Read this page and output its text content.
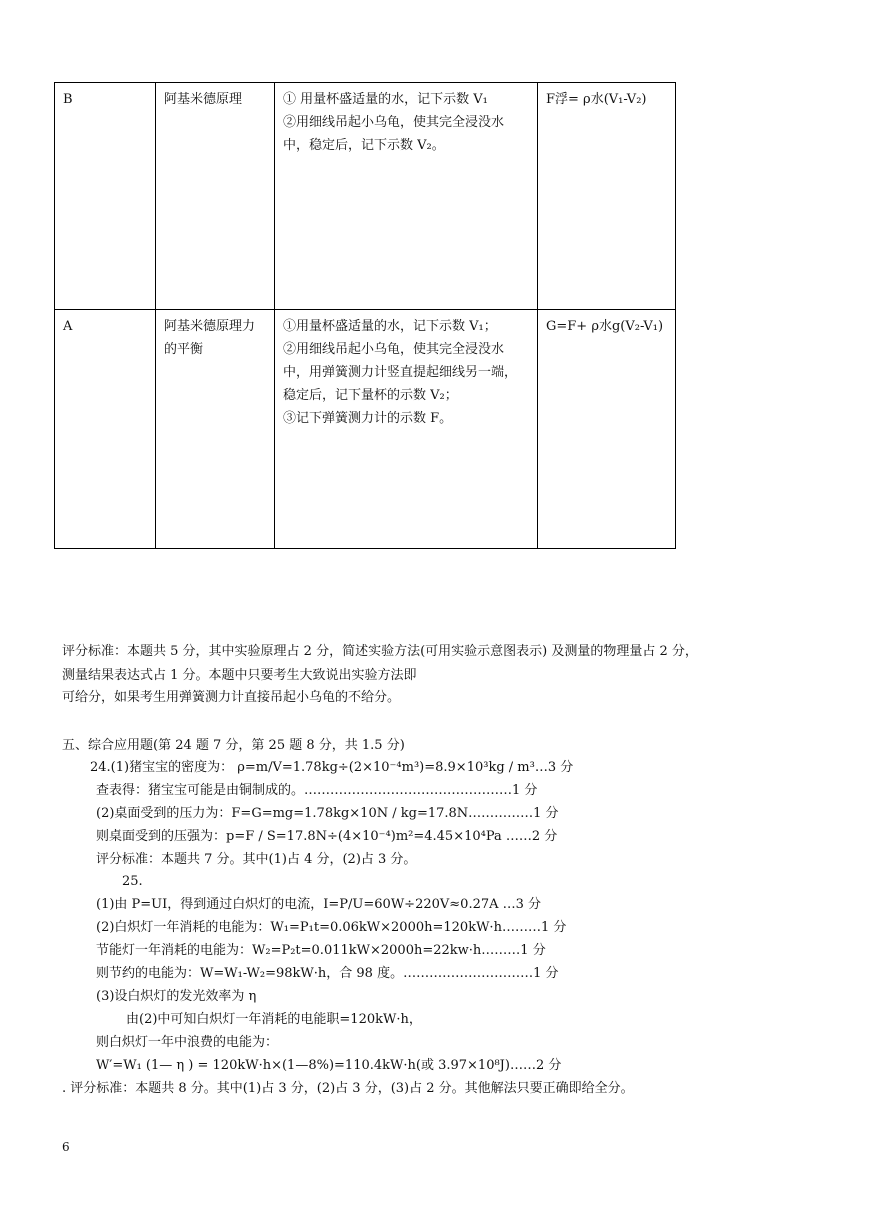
B	阿基米德原理	① 用量杯盛适量的水，记下示数 V₁
②用细线吊起小乌龟，使其完全浸没水中，稳定后，记下示数 V₂。	F浮= ρ水(V₁-V₂)
A	阿基米德原理力的平衡	①用量杯盛适量的水，记下示数 V₁；
②用细线吊起小乌龟，使其完全浸没水中，用弹簧测力计竖直提起细线另一端，稳定后，记下量杯的示数 V₂；
③记下弹簧测力计的示数 F。	G=F+ ρ水g(V₂-V₁)
评分标准：本题共 5 分，其中实验原理占 2 分，简述实验方法(可用实验示意图表示) 及测量的物理量占 2 分，
测量结果表达式占 1 分。本题中只要考生大致说出实验方法即
可给分，如果考生用弹簧测力计直接吊起小乌龟的不给分。
五、综合应用题(第 24 题 7 分，第 25 题 8 分，共 1.5 分)
24.(1)猪宝宝的密度为： ρ=m/V=1.78kg÷(2×10⁻⁴m³)=8.9×10³kg / m³…3 分
查表得：猪宝宝可能是由铜制成的。…………………………………………1 分
(2)桌面受到的压力为：F=G=mg=1.78kg×10N / kg=17.8N……………1 分
则桌面受到的压强为：p=F / S=17.8N÷(4×10⁻⁴)m²=4.45×10⁴Pa ……2 分
评分标准：本题共 7 分。其中(1)占 4 分，(2)占 3 分。
25.
(1)由 P=UI，得到通过白炽灯的电流，I=P/U=60W÷220V≈0.27A …3 分
(2)白炽灯一年消耗的电能为：W₁=P₁t=0.06kW×2000h=120kW·h………1 分
节能灯一年消耗的电能为：W₂=P₂t=0.011kW×2000h=22kw·h………1 分
则节约的电能为：W=W₁-W₂=98kW·h，合 98 度。…………………………1 分
(3)设白炽灯的发光效率为 η
由(2)中可知白炽灯一年消耗的电能职=120kW·h，
则白炽灯一年中浪费的电能为：
W′=W₁ (1— η ) = 120kW·h×(1—8%)=110.4kW·h(或 3.97×10⁸J)……2 分
. 评分标准：本题共 8 分。其中(1)占 3 分，(2)占 3 分，(3)占 2 分。其他解法只要正确即给全分。
6
